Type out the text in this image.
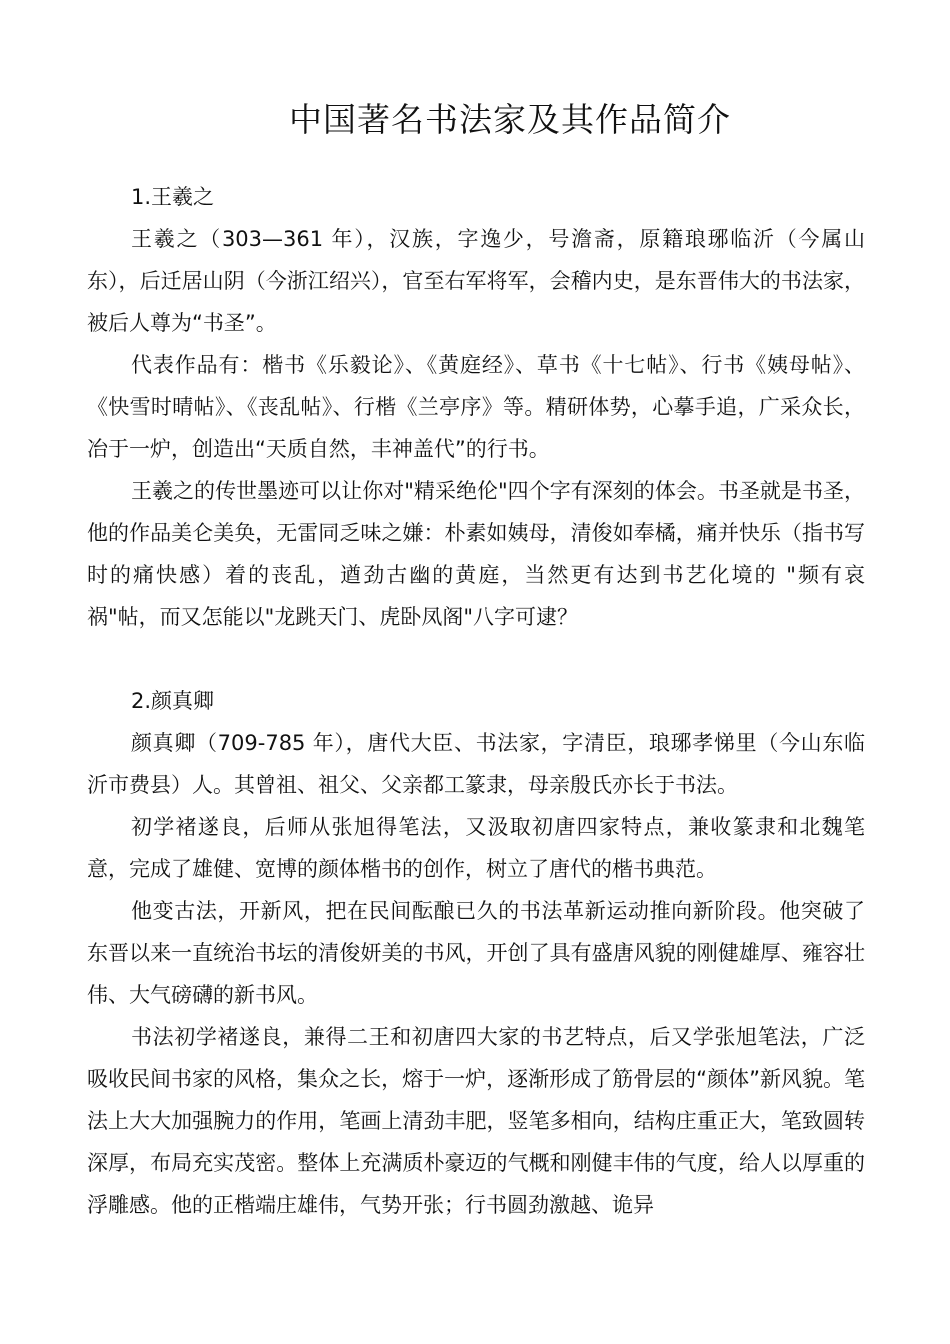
中国著名书法家及其作品简介

1.王羲之

王羲之（303—361 年），汉族，字逸少，号澹斋，原籍琅琊临沂（今属山东），后迁居山阴（今浙江绍兴），官至右军将军，会稽内史，是东晋伟大的书法家，被后人尊为“书圣”。

代表作品有：楷书《乐毅论》、《黄庭经》、草书《十七帖》、行书《姨母帖》、《快雪时晴帖》、《丧乱帖》、行楷《兰亭序》等。精研体势，心摹手追，广采众长，冶于一炉，创造出“天质自然，丰神盖代”的行书。

王羲之的传世墨迹可以让你对"精采绝伦"四个字有深刻的体会。书圣就是书圣，他的作品美仑美奂，无雷同乏味之嫌：朴素如姨母，清俊如奉橘，痛并快乐（指书写时的痛快感）着的丧乱，遒劲古幽的黄庭，当然更有达到书艺化境的 "频有哀祸"帖，而又怎能以"龙跳天门、虎卧凤阁"八字可逮？

2.颜真卿

颜真卿（709-785 年），唐代大臣、书法家，字清臣，琅琊孝悌里（今山东临沂市费县）人。其曾祖、祖父、父亲都工篆隶，母亲殷氏亦长于书法。

初学褚遂良，后师从张旭得笔法，又汲取初唐四家特点，兼收篆隶和北魏笔意，完成了雄健、宽博的颜体楷书的创作，树立了唐代的楷书典范。

他变古法，开新风，把在民间酝酿已久的书法革新运动推向新阶段。他突破了东晋以来一直统治书坛的清俊妍美的书风，开创了具有盛唐风貌的刚健雄厚、雍容壮伟、大气磅礴的新书风。

书法初学褚遂良，兼得二王和初唐四大家的书艺特点，后又学张旭笔法，广泛吸收民间书家的风格，集众之长，熔于一炉，逐渐形成了筋骨层的“颜体”新风貌。笔法上大大加强腕力的作用，笔画上清劲丰肥，竖笔多相向，结构庄重正大，笔致圆转深厚，布局充实茂密。整体上充满质朴豪迈的气概和刚健丰伟的气度，给人以厚重的浮雕感。他的正楷端庄雄伟，气势开张；行书圆劲激越、诡异
